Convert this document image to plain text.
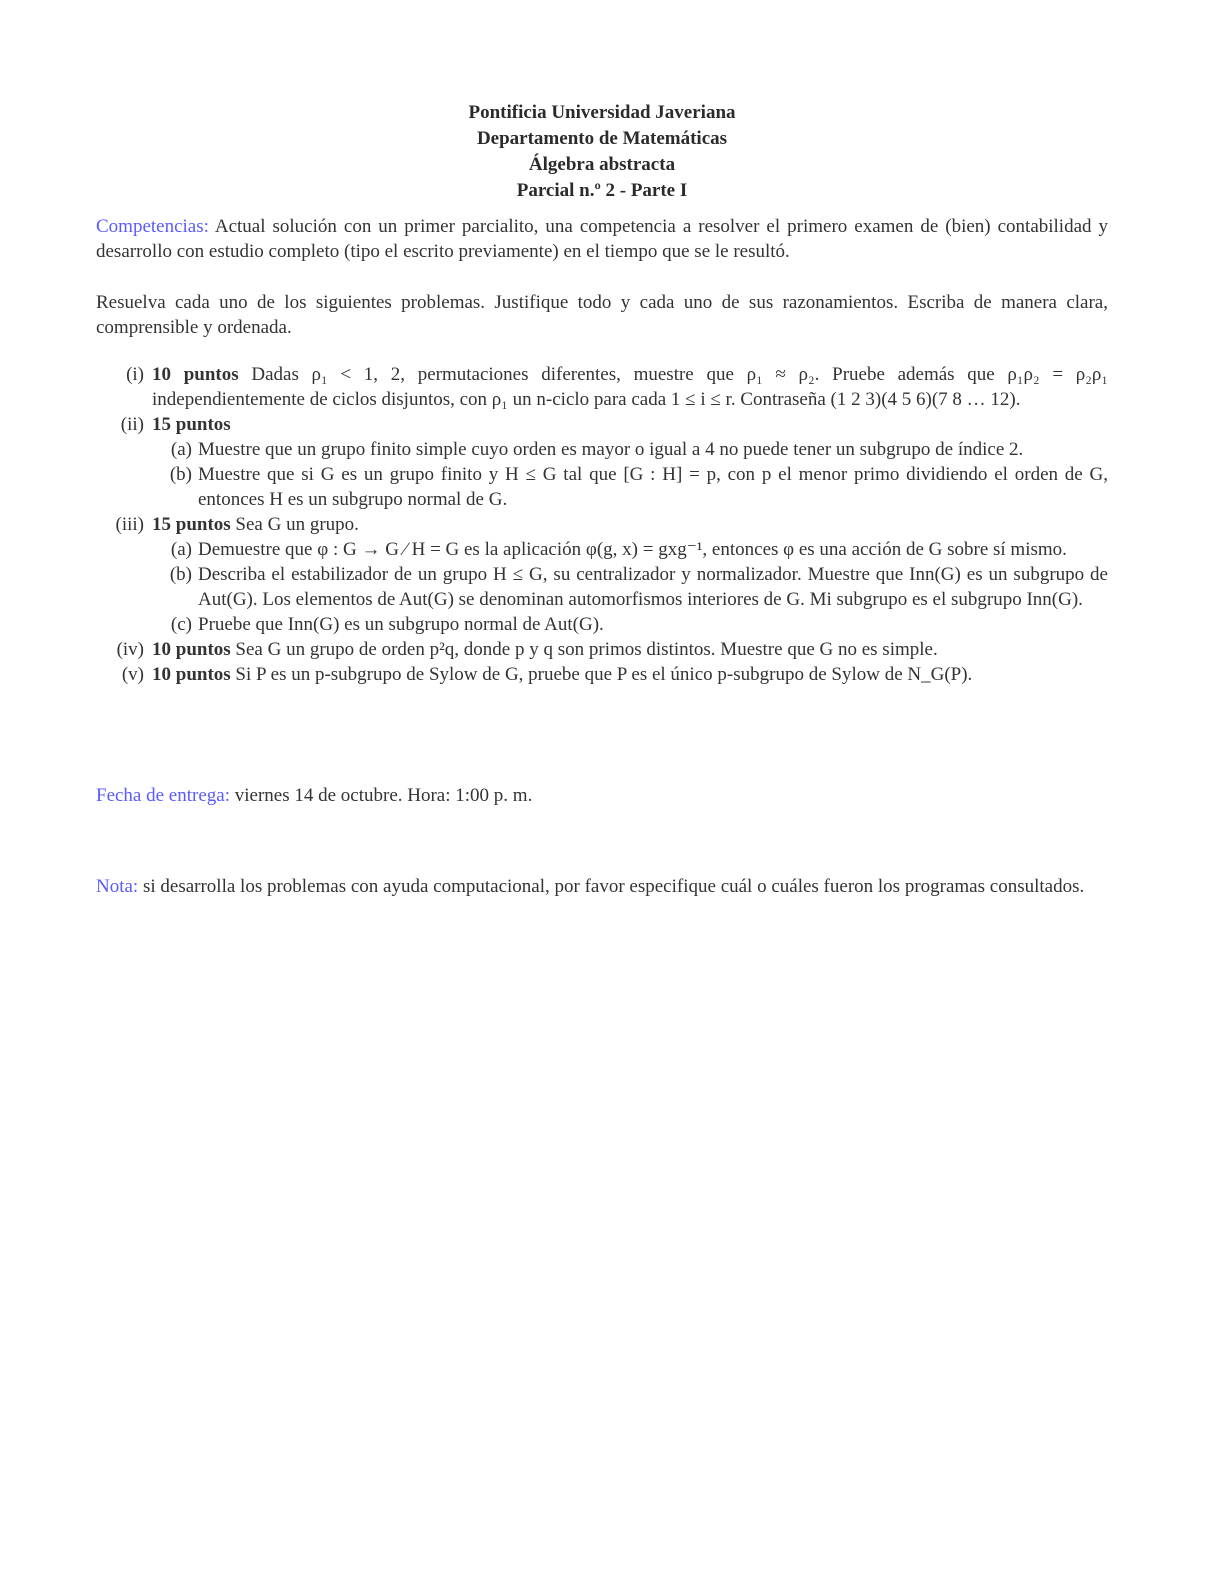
Pontificia Universidad Javeriana
Departamento de Matemáticas
Álgebra abstracta
Parcial n.º 2 - Parte I
Competencias: Actual solución con un primer parcialito, una competencia a resolver el primero examen de (bien) contabilidad y desarrollo con estudio completo (tipo el escrito previamente) en el tiempo que se le resultó.
Resuelva cada uno de los siguientes problemas. Justifique todo y cada uno de sus razonamientos. Escriba de manera clara, comprensible y ordenada.
(i) 10 puntos Dadas ρ₁ < 1, 2, permutaciones diferentes, muestre que ρ₁ ≈ ρ₂. Pruebe además que ρ₁ρ₂ = ρ₂ρ₁ independientemente de ciclos disjuntos, con ρ₁ un n-ciclo para cada 1 ≤ i ≤ r. Contraseña (1 2 3)(4 5 6)(7 8 … 12).
(ii) 15 puntos
(a) Muestre que un grupo finito simple cuyo orden es mayor o igual a 4 no puede tener un subgrupo de índice 2.
(b) Muestre que si G es un grupo finito y H ≤ G tal que [G : H] = p, con p el menor primo dividiendo el orden de G, entonces H es un subgrupo normal de G.
(iii) 15 puntos Sea G un grupo.
(a) Demuestre que φ : G → G ⁄ H = G es la aplicación φ(g, x) = gxg⁻¹, entonces φ es una acción de G sobre sí mismo.
(b) Describa el estabilizador de un grupo H ≤ G, su centralizador y normalizador. Muestre que Inn(G) es un subgrupo de Aut(G). Los elementos de Aut(G) se denominan automorfismos interiores de G. Mi subgrupo es el subgrupo Inn(G).
(c) Pruebe que Inn(G) es un subgrupo normal de Aut(G).
(iv) 10 puntos Sea G un grupo de orden p²q, donde p y q son primos distintos. Muestre que G no es simple.
(v) 10 puntos Si P es un p-subgrupo de Sylow de G, pruebe que P es el único p-subgrupo de Sylow de N_G(P).
Fecha de entrega: viernes 14 de octubre. Hora: 1:00 p. m.
Nota: si desarrolla los problemas con ayuda computacional, por favor especifique cuál o cuáles fueron los programas consultados.
